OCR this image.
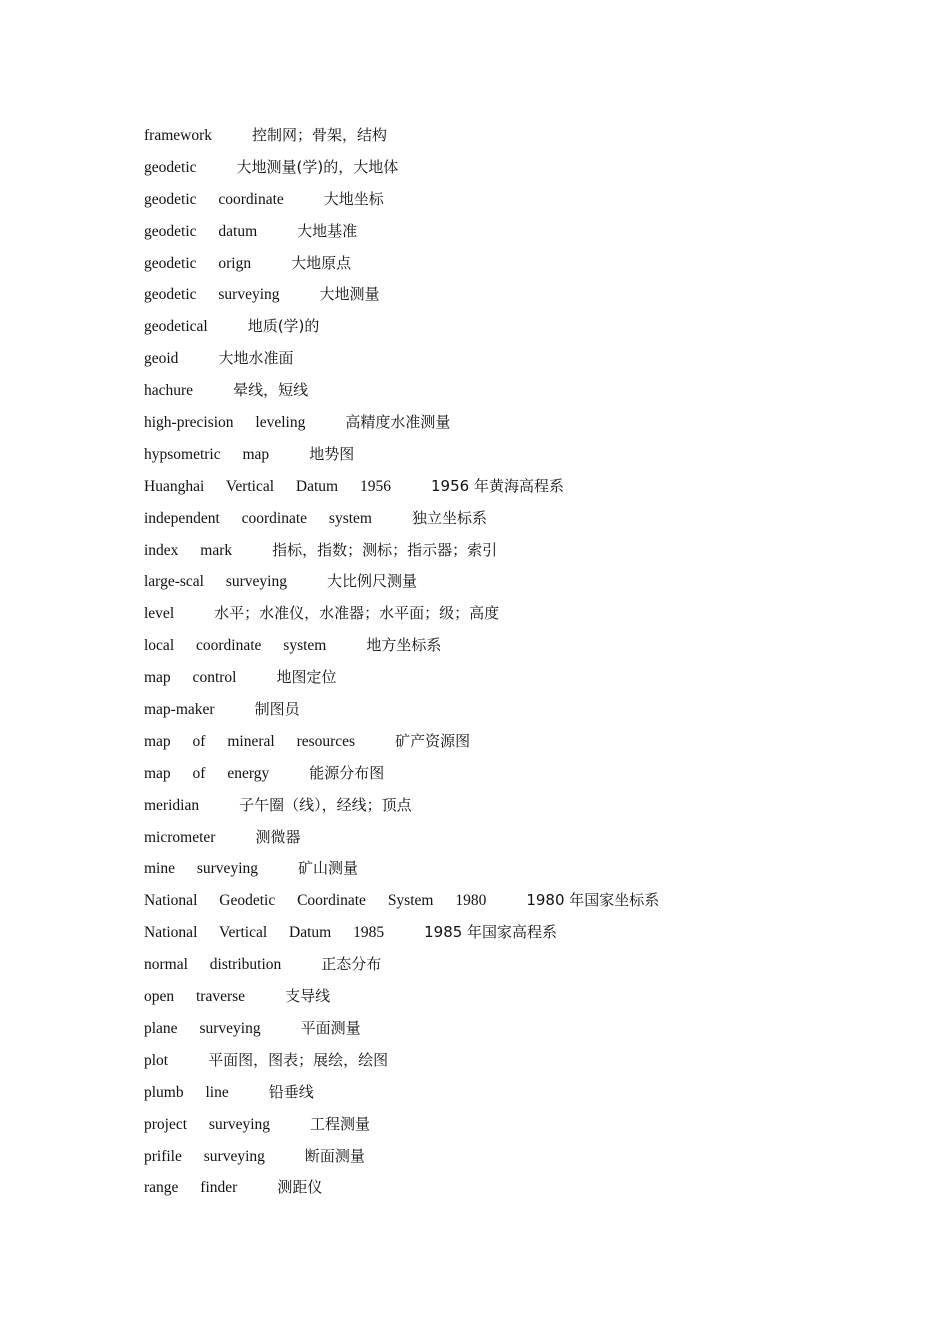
framework	控制网；骨架，结构
geodetic	大地测量(学)的，大地体
geodetic coordinate	大地坐标
geodetic datum	大地基准
geodetic orign	大地原点
geodetic surveying	大地测量
geodetical	地质(学)的
geoid	大地水准面
hachure	晕线，短线
high-precision leveling	高精度水准测量
hypsometric map	地势图
Huanghai Vertical Datum 1956	1956 年黄海高程系
independent coordinate system	独立坐标系
index mark	指标，指数；测标；指示器；索引
large-scal surveying	大比例尺测量
level	水平；水准仪，水准器；水平面；级；高度
local coordinate system	地方坐标系
map control	地图定位
map-maker	制图员
map of mineral resources	矿产资源图
map of energy	能源分布图
meridian	子午圈（线），经线；顶点
micrometer	测微器
mine surveying	矿山测量
National Geodetic Coordinate System 1980	1980 年国家坐标系
National Vertical Datum 1985	1985 年国家高程系
normal distribution	正态分布
open traverse	支导线
plane surveying	平面测量
plot	平面图，图表；展绘，绘图
plumb line	铅垂线
project surveying	工程测量
prifile surveying	断面测量
range finder	测距仪
